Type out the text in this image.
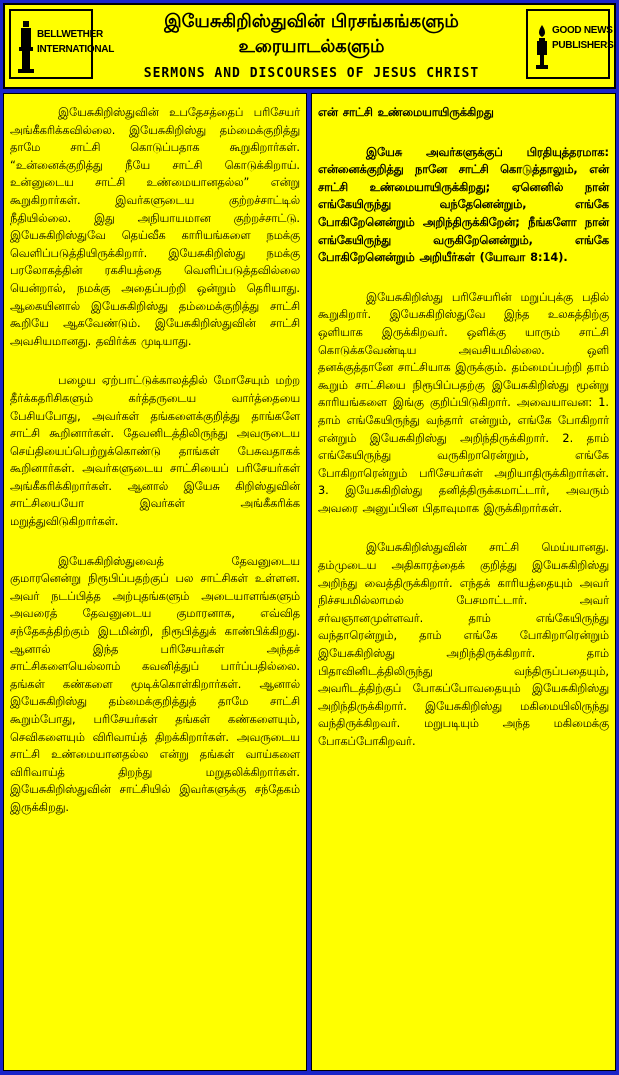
BELLWETHER
INTERNATIONAL
இயேசுகிறிஸ்துவின் பிரசங்கங்களும்
உரையாடல்களும்
SERMONS AND DISCOURSES OF JESUS CHRIST
GOOD NEWS
PUBLISHERS

இயேசுகிறிஸ்துவின் உபதேசத்தைப் பரிசேயர் அங்கீகரிக்கவில்லை. இயேசுகிறிஸ்து தம்மைக்குறித்து தாமே சாட்சி கொடுப்பதாக கூறுகிறார்கள். “உன்னைக்குறித்து நீயே சாட்சி கொடுக்கிறாய். உன்னுடைய சாட்சி உண்மையானதல்ல” என்று கூறுகிறார்கள். இவர்களுடைய குற்றச்சாட்டில் நீதியில்லை. இது அநியாயமான குற்றச்சாட்டு. இயேசுகிறிஸ்துவே தெய்வீக காரியங்களை நமக்கு வெளிப்படுத்தியிருக்கிறார். இயேசுகிறிஸ்து நமக்கு பரலோகத்தின் ரகசியத்தை வெளிப்படுத்தவில்லை யென்றால், நமக்கு அதைப்பற்றி ஒன்றும் தெரியாது. ஆகையினால் இயேசுகிறிஸ்து தம்மைக்குறித்து சாட்சி கூறியே ஆகவேண்டும். இயேசுகிறிஸ்துவின் சாட்சி அவசியமானது. தவிர்க்க முடியாது.

பழைய ஏற்பாட்டுக்காலத்தில் மோசேயும் மற்ற தீர்க்கதரிசிகளும் கர்த்தருடைய வார்த்தையை பேசியபோது, அவர்கள் தங்களைக்குறித்து தாங்களே சாட்சி கூறினார்கள். தேவனிடத்திலிருந்து அவருடைய செய்தியைப்பெற்றுக்கொண்டு தாங்கள் பேசுவதாகக் கூறினார்கள். அவர்களுடைய சாட்சியைப் பரிசேயர்கள் அங்கீகரிக்கிறார்கள். ஆனால் இயேசு கிறிஸ்துவின் சாட்சியையோ இவர்கள் அங்கீகரிக்க மறுத்துவிடுகிறார்கள்.

இயேசுகிறிஸ்துவைத் தேவனுடைய குமாரனென்று நிரூபிப்பதற்குப் பல சாட்சிகள் உள்ளன. அவர் நடப்பித்த அற்புதங்களும் அடையாளங்களும் அவரைத் தேவனுடைய குமாரனாக, எவ்வித சந்தேகத்திற்கும் இடமின்றி, நிரூபித்துக் காண்பிக்கிறது. ஆனால் இந்த பரிசேயர்கள் அந்தச் சாட்சிகளையெல்லாம் கவனித்துப் பார்ப்பதில்லை. தங்கள் கண்களை மூடிக்கொள்கிறார்கள். ஆனால் இயேசுகிறிஸ்து தம்மைக்குறித்துத் தாமே சாட்சி கூறும்போது, பரிசேயர்கள் தங்கள் கண்களையும், செவிகளையும் விரிவாய்த் திறக்கிறார்கள். அவருடைய சாட்சி உண்மையானதல்ல என்று தங்கள் வாய்களை விரிவாய்த் திறந்து மறுதலிக்கிறார்கள். இயேசுகிறிஸ்துவின் சாட்சியில் இவர்களுக்கு சந்தேகம் இருக்கிறது.

என் சாட்சி உண்மையாயிருக்கிறது

இயேசு அவர்களுக்குப் பிரதியுத்தரமாக: என்னைக்குறித்து நானே சாட்சி கொடுத்தாலும், என் சாட்சி உண்மையாயிருக்கிறது; ஏனெனில் நான் எங்கேயிருந்து வந்தேனென்றும், எங்கே போகிறேனென்றும் அறிந்திருக்கிறேன்; நீங்களோ நான் எங்கேயிருந்து வருகிறேனென்றும், எங்கே போகிறேனென்றும் அறியீர்கள் (யோவா 8:14).

இயேசுகிறிஸ்து பரிசேயரின் மறுப்புக்கு பதில் கூறுகிறார். இயேசுகிறிஸ்துவே இந்த உலகத்திற்கு ஒளியாக இருக்கிறவர். ஒளிக்கு யாரும் சாட்சி கொடுக்கவேண்டிய அவசியமில்லை. ஒளி தனக்குத்தானே சாட்சியாக இருக்கும். தம்மைப்பற்றி தாம் கூறும் சாட்சியை நிரூபிப்பதற்கு இயேசுகிறிஸ்து மூன்று காரியங்களை இங்கு குறிப்பிடுகிறார். அவையாவன: 1. தாம் எங்கேயிருந்து வந்தார் என்றும், எங்கே போகிறார் என்றும் இயேசுகிறிஸ்து அறிந்திருக்கிறார். 2. தாம் எங்கேயிருந்து வருகிறாரென்றும், எங்கே போகிறாரென்றும் பரிசேயர்கள் அறியாதிருக்கிறார்கள். 3. இயேசுகிறிஸ்து தனித்திருக்கமாட்டார், அவரும் அவரை அனுப்பின பிதாவுமாக இருக்கிறார்கள்.

இயேசுகிறிஸ்துவின் சாட்சி மெய்யானது. தம்முடைய அதிகாரத்தைக் குறித்து இயேசுகிறிஸ்து அறிந்து வைத்திருக்கிறார். எந்தக் காரியத்தையும் அவர் நிச்சயமில்லாமல் பேசமாட்டார். அவர் சர்வஞானமுள்ளவர். தாம் எங்கேயிருந்து வந்தாரென்றும், தாம் எங்கே போகிறாரென்றும் இயேசுகிறிஸ்து அறிந்திருக்கிறார். தாம் பிதாவினிடத்திலிருந்து வந்திருப்பதையும், அவரிடத்திற்குப் போகப்போவதையும் இயேசுகிறிஸ்து அறிந்திருக்கிறார். இயேசுகிறிஸ்து மகிமையிலிருந்து வந்திருக்கிறவர். மறுபடியும் அந்த மகிமைக்கு போகப்போகிறவர்.
